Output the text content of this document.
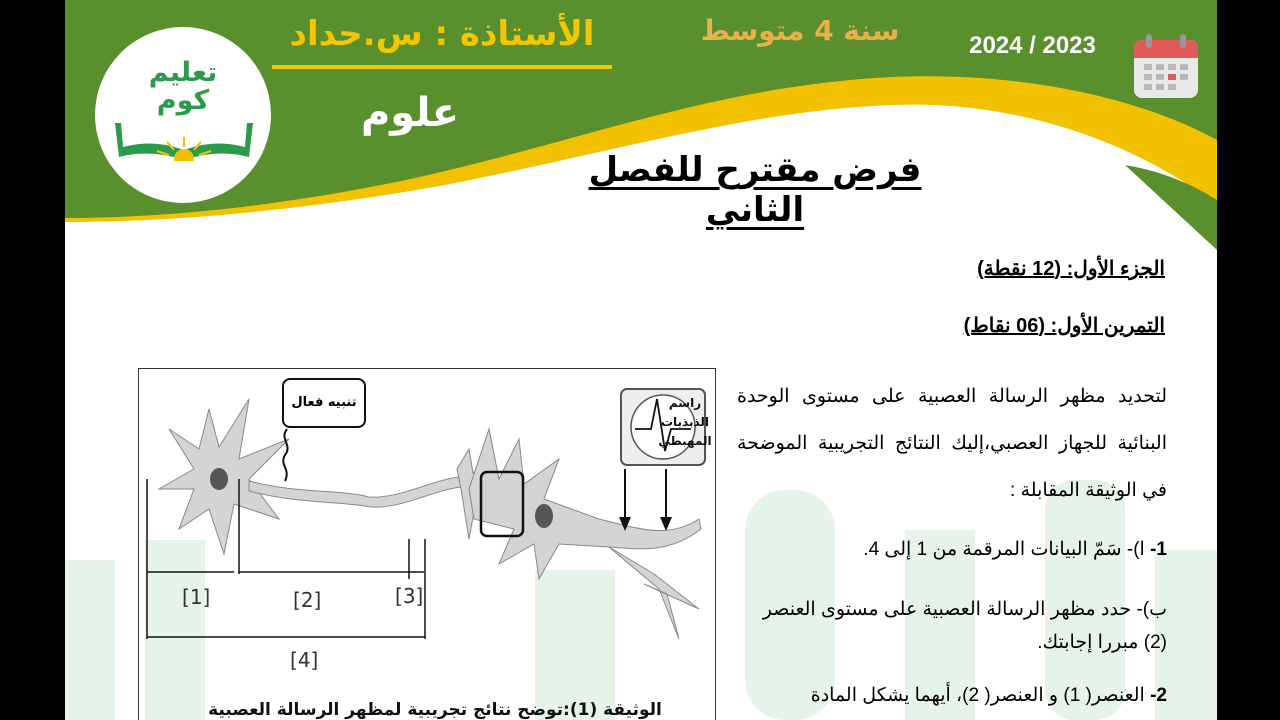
تعليم
كوم
الأستاذة : س.حداد	سنة 4 متوسط	2024 / 2023
علوم
فرض مقترح للفصل الثاني
الجزء الأول: (12 نقطة)
التمرين الأول: (06 نقاط)
لتحديد مظهر الرسالة العصبية على مستوى الوحدة البنائية للجهاز العصبي،إليك النتائج التجريبية الموضحة في الوثيقة المقابلة :
1- ا)- سَمّ البيانات المرقمة من 1 إلى 4.
ب)- حدد مظهر الرسالة العصبية على مستوى العنصر (2) مبررا إجابتك.
2- العنصر( 1) و العنصر( 2)، أيهما يشكل المادة
تنبيه فعال	راسم الذبذبات المهبطي
[1]	[2]	[3]
[4]
الوثيقة (1):توضح نتائج تجريبية لمظهر الرسالة العصبية
